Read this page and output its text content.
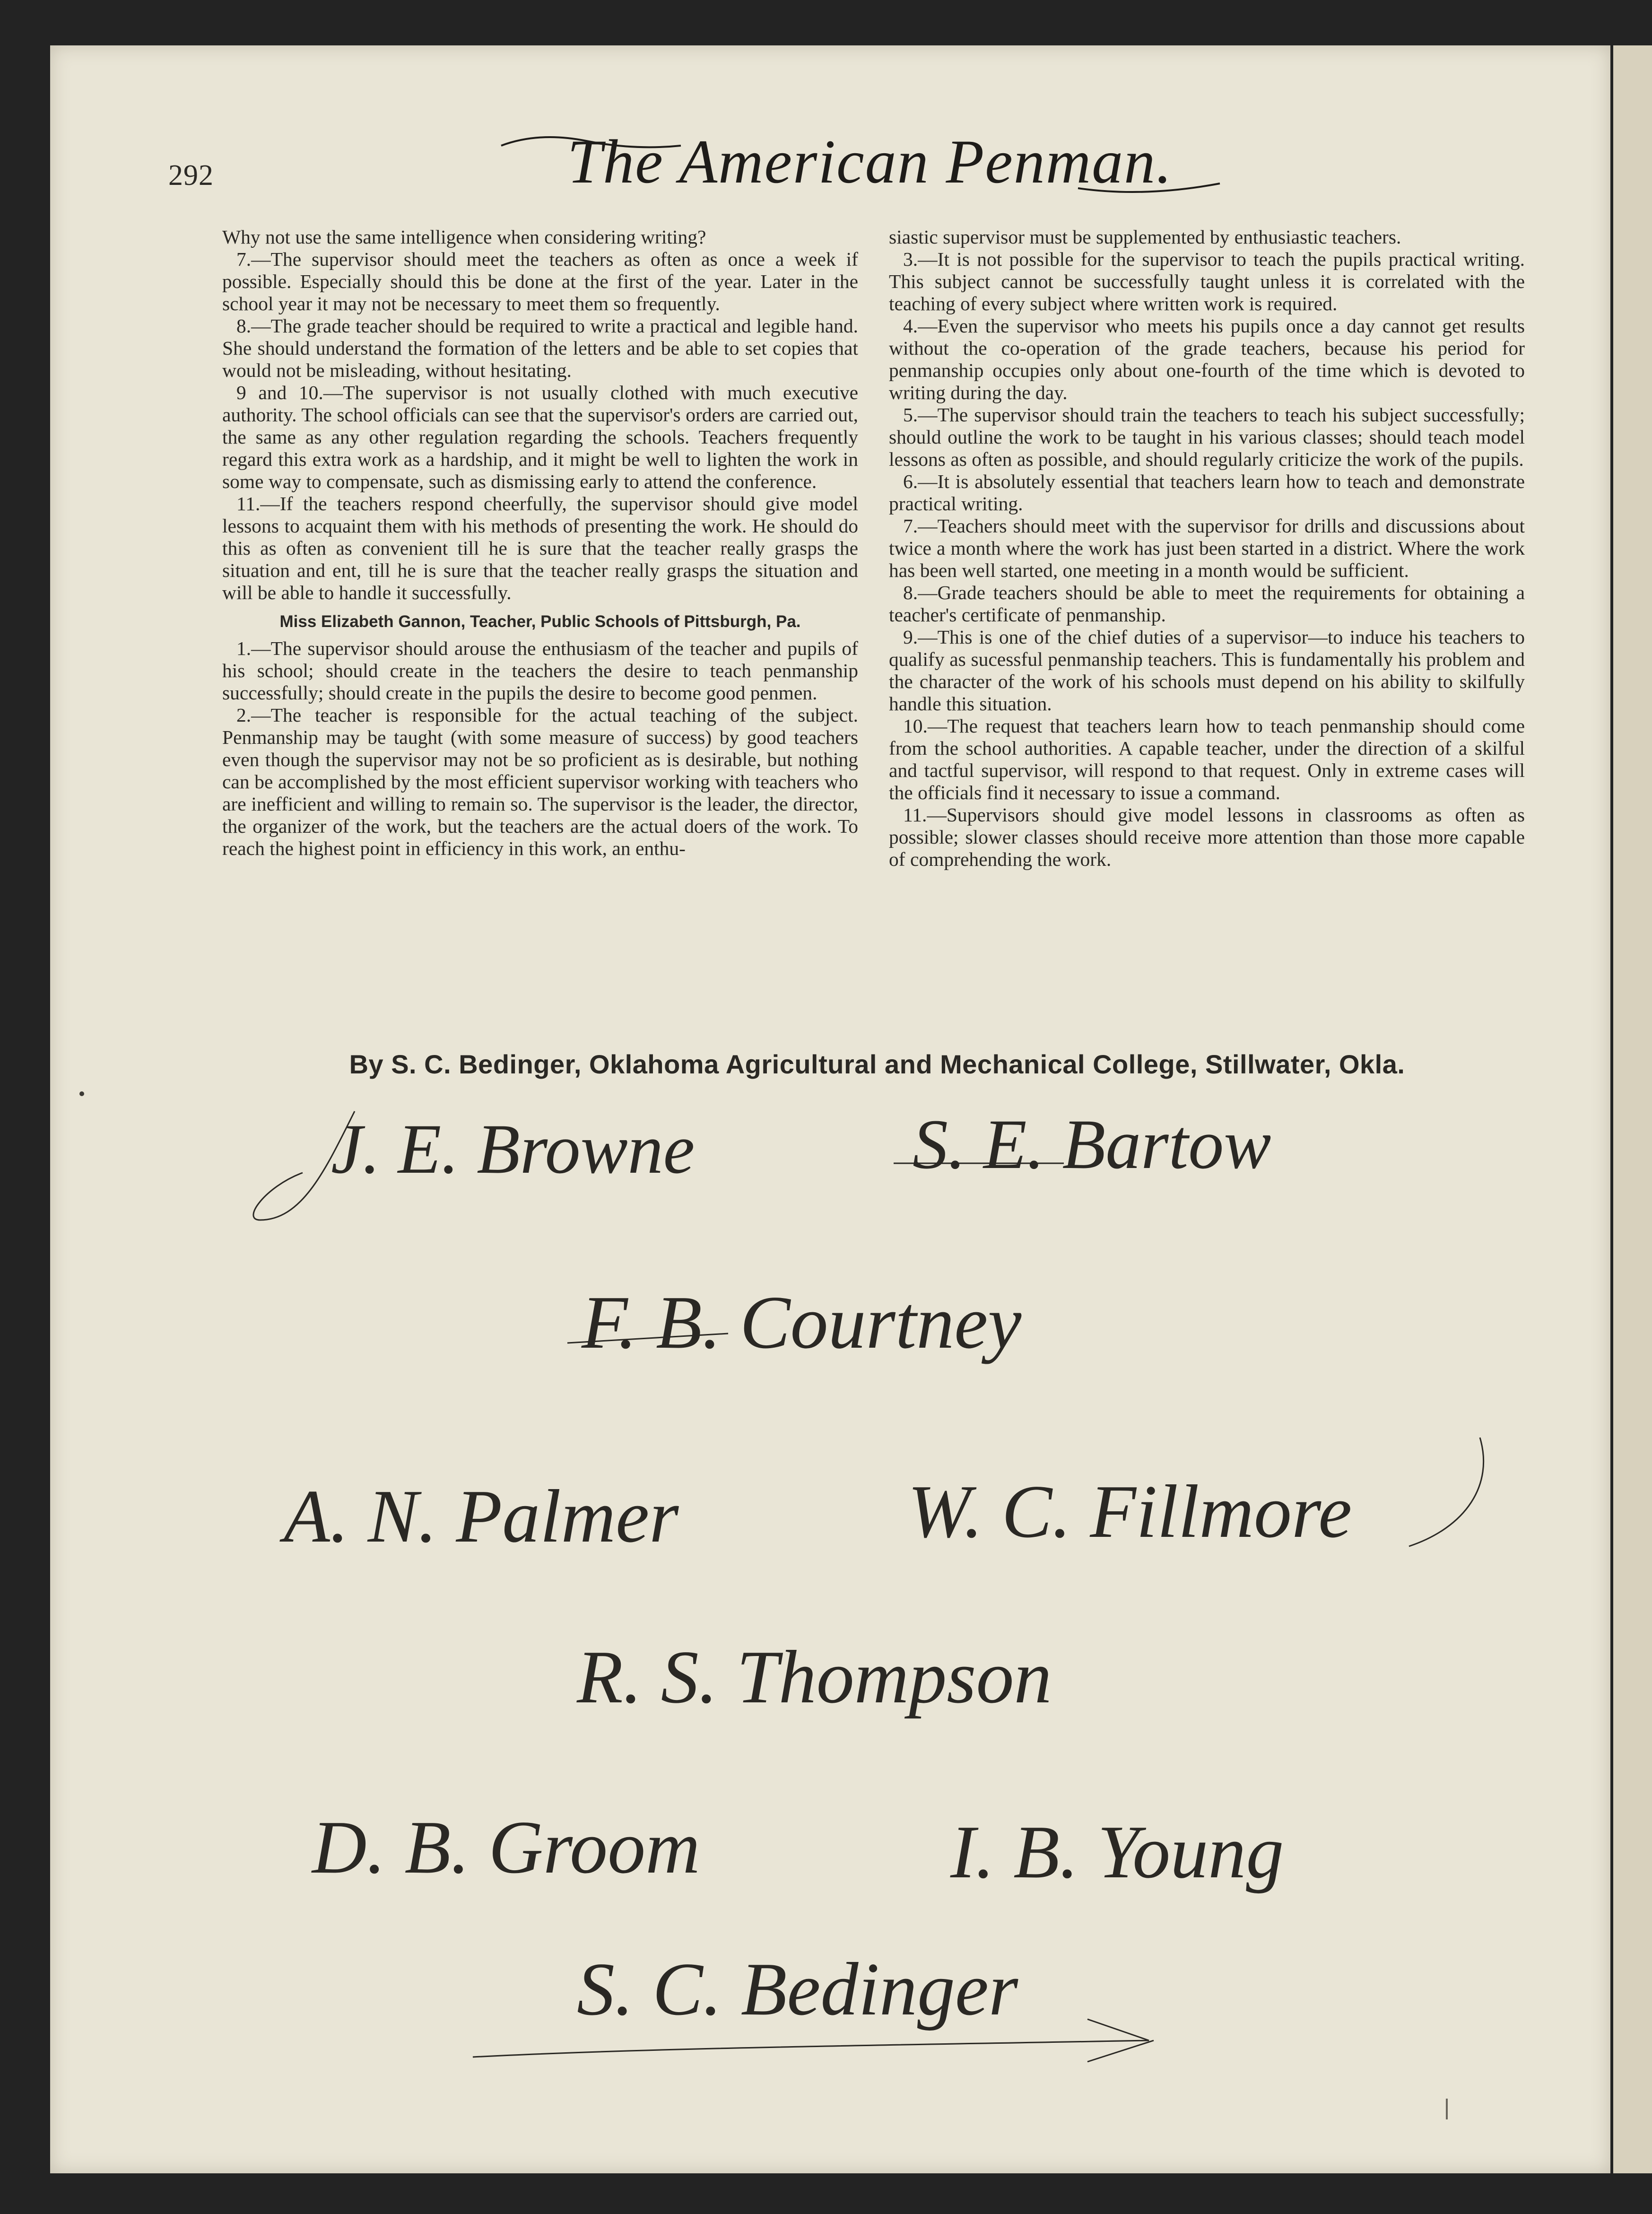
292	The American Penman.

Why not use the same intelligence when considering writing?

7.—The supervisor should meet the teachers as often as once a week if possible. Especially should this be done at the first of the year. Later in the school year it may not be necessary to meet them so frequently.

8.—The grade teacher should be required to write a practical and legible hand. She should understand the formation of the letters and be able to set copies that would not be misleading, without hesitating.

9 and 10.—The supervisor is not usually clothed with much executive authority. The school officials can see that the supervisor's orders are carried out, the same as any other regulation regarding the schools. Teachers frequently regard this extra work as a hardship, and it might be well to lighten the work in some way to compensate, such as dismissing early to attend the conference.

11.—If the teachers respond cheerfully, the supervisor should give model lessons to acquaint them with his methods of presenting the work. He should do this as often as convenient till he is sure that the teacher really grasps the situation and ent, till he is sure that the teacher really grasps the situation and will be able to handle it successfully.

Miss Elizabeth Gannon, Teacher, Public Schools of Pittsburgh, Pa.

1.—The supervisor should arouse the enthusiasm of the teacher and pupils of his school; should create in the teachers the desire to teach penmanship successfully; should create in the pupils the desire to become good penmen.

2.—The teacher is responsible for the actual teaching of the subject. Penmanship may be taught (with some measure of success) by good teachers even though the supervisor may not be so proficient as is desirable, but nothing can be accomplished by the most efficient supervisor working with teachers who are inefficient and willing to remain so. The supervisor is the leader, the director, the organizer of the work, but the teachers are the actual doers of the work. To reach the highest point in efficiency in this work, an enthu-

siastic supervisor must be supplemented by enthusiastic teachers.

3.—It is not possible for the supervisor to teach the pupils practical writing. This subject cannot be successfully taught unless it is correlated with the teaching of every subject where written work is required.

4.—Even the supervisor who meets his pupils once a day cannot get results without the co-operation of the grade teachers, because his period for penmanship occupies only about one-fourth of the time which is devoted to writing during the day.

5.—The supervisor should train the teachers to teach his subject successfully; should outline the work to be taught in his various classes; should teach model lessons as often as possible, and should regularly criticize the work of the pupils.

6.—It is absolutely essential that teachers learn how to teach and demonstrate practical writing.

7.—Teachers should meet with the supervisor for drills and discussions about twice a month where the work has just been started in a district. Where the work has been well started, one meeting in a month would be sufficient.

8.—Grade teachers should be able to meet the requirements for obtaining a teacher's certificate of penmanship.

9.—This is one of the chief duties of a supervisor—to induce his teachers to qualify as sucessful penmanship teachers. This is fundamentally his problem and the character of the work of his schools must depend on his ability to skilfully handle this situation.

10.—The request that teachers learn how to teach penmanship should come from the school authorities. A capable teacher, under the direction of a skilful and tactful supervisor, will respond to that request. Only in extreme cases will the officials find it necessary to issue a command.

11.—Supervisors should give model lessons in classrooms as often as possible; slower classes should receive more attention than those more capable of comprehending the work.

By S. C. Bedinger, Oklahoma Agricultural and Mechanical College, Stillwater, Okla.
J. E. Browne	S. E. Bartow
F. B. Courtney
A. N. Palmer	W. C. Fillmore
R. S. Thompson
D. B. Groom	I. B. Young
S. C. Bedinger
